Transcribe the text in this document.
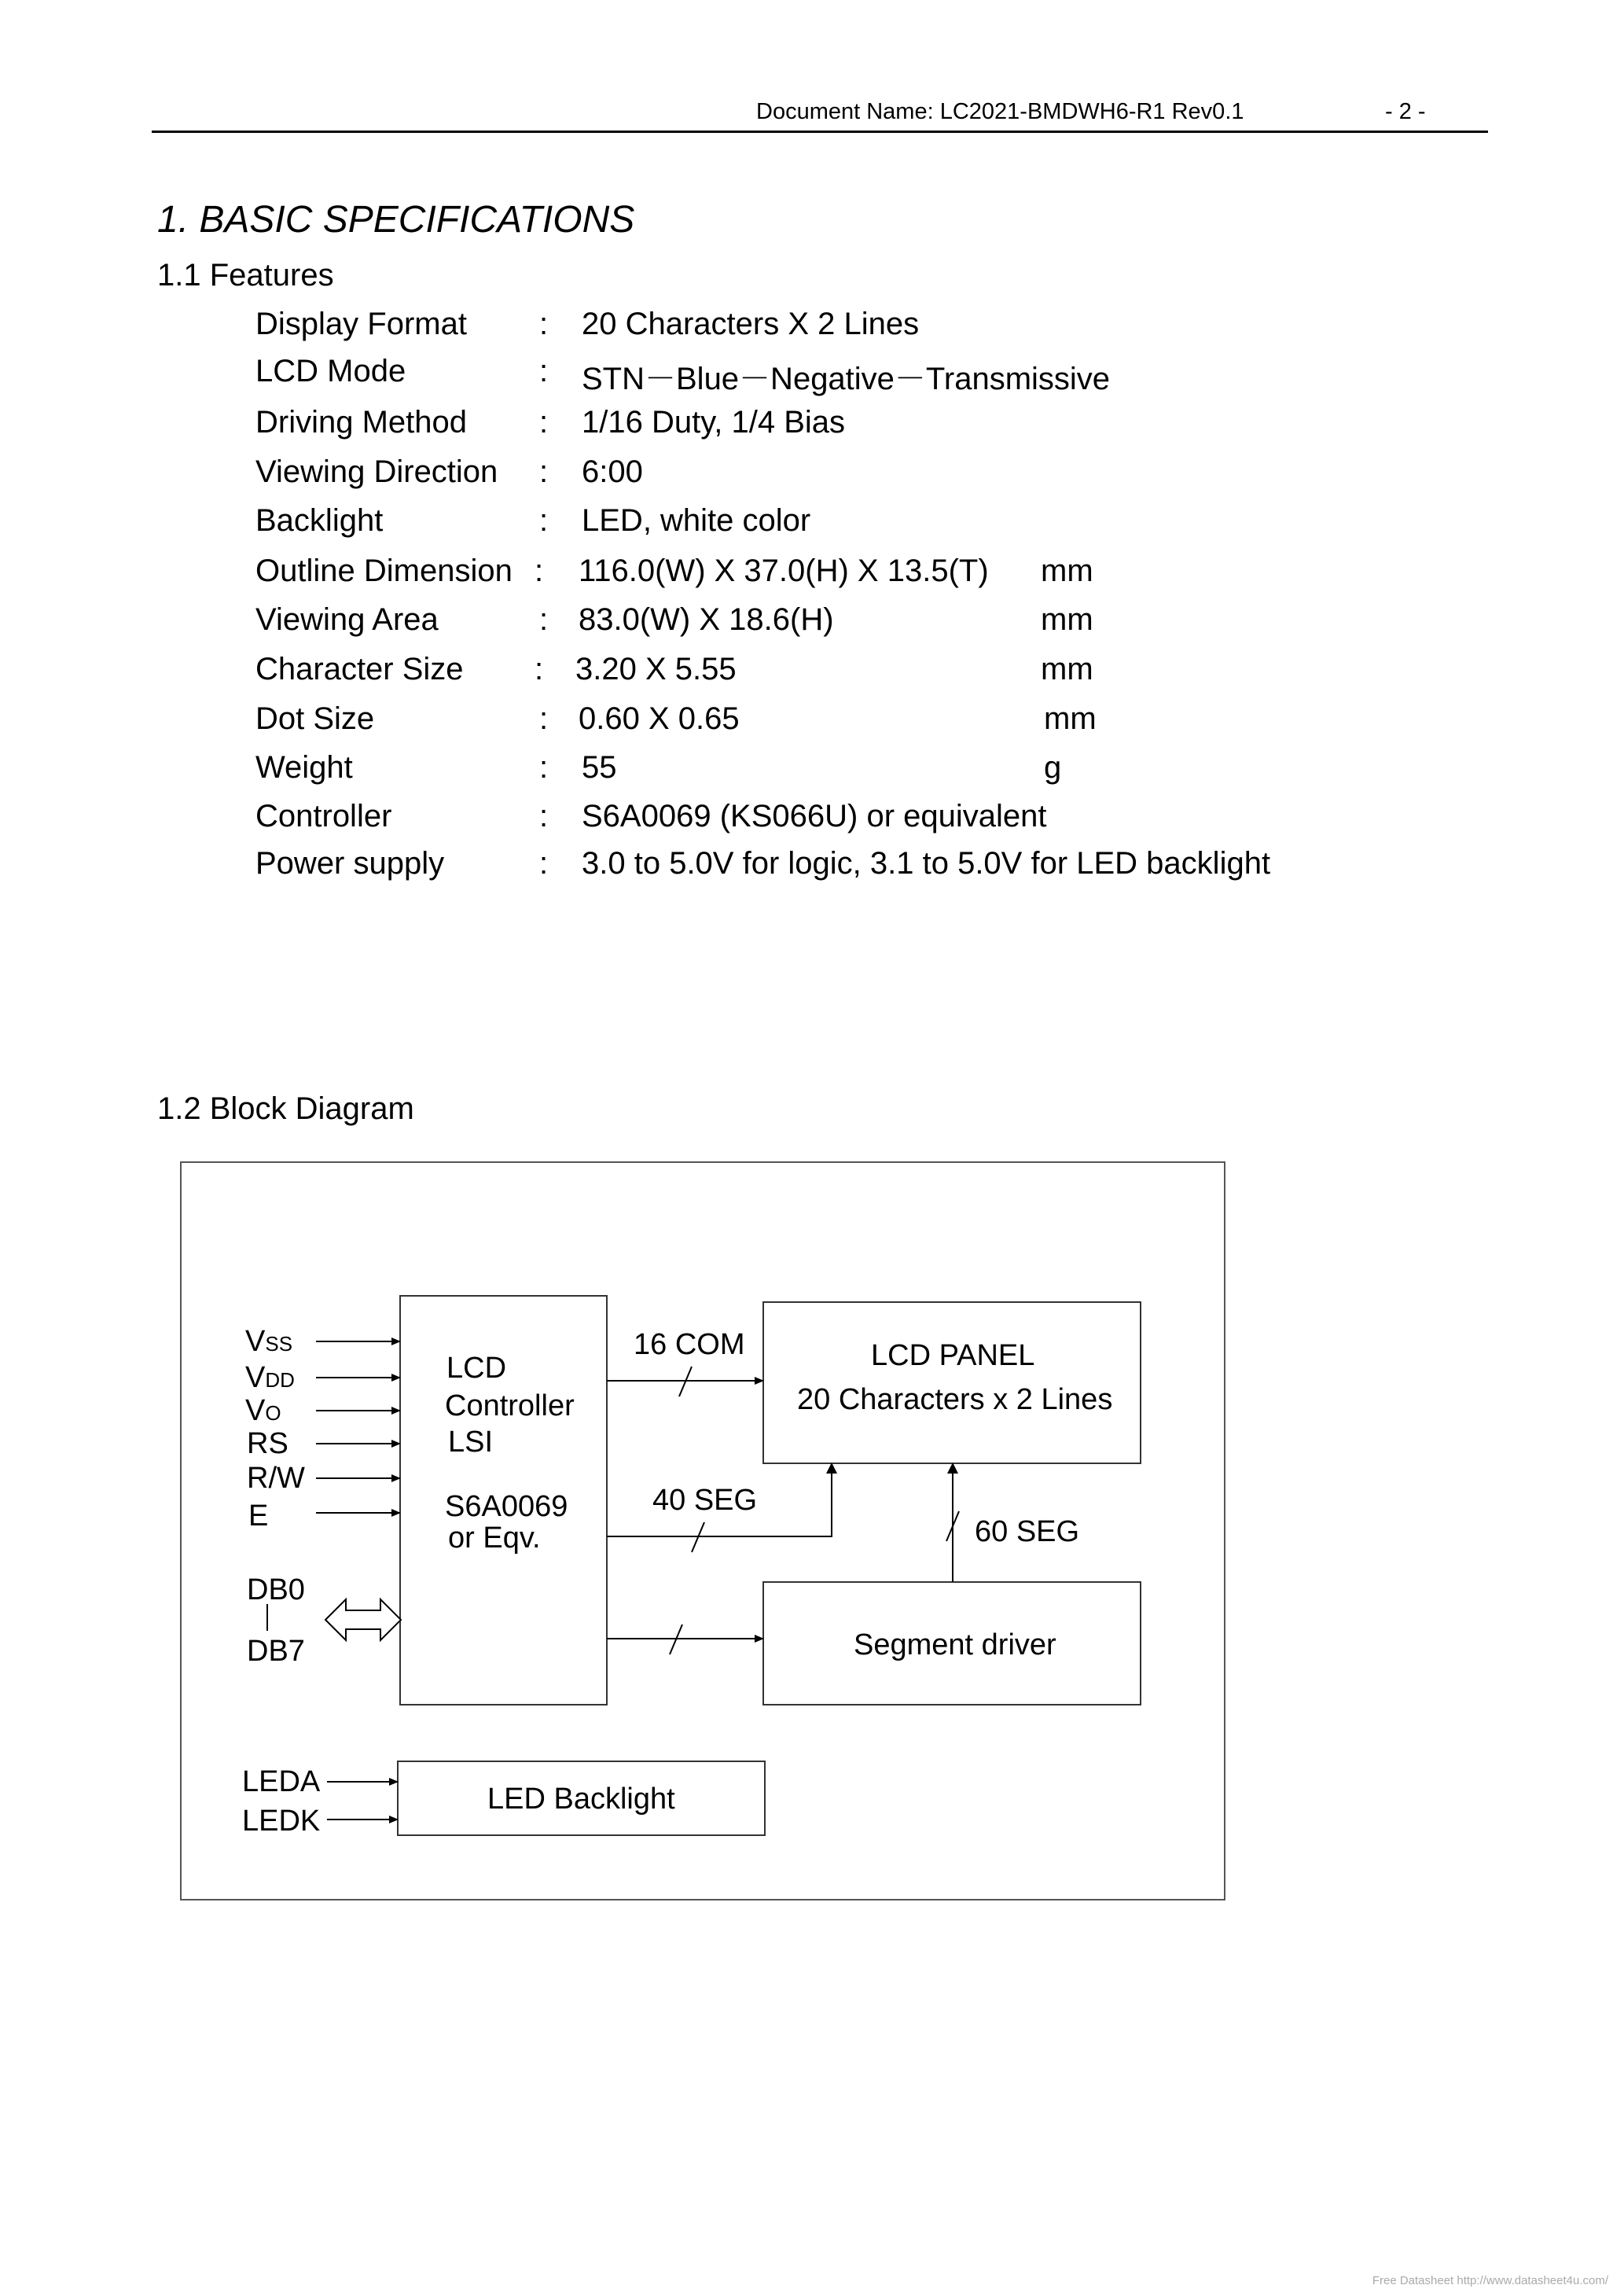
Document Name: LC2021-BMDWH6-R1 Rev0.1	- 2 -
1. BASIC SPECIFICATIONS
1.1 Features
Display Format : 20 Characters X 2 Lines
LCD Mode	: STN－Blue－Negative－Transmissive
Driving Method : 1/16 Duty, 1/4 Bias
Viewing Direction : 6:00
Backlight	: LED, white color
Outline Dimension : 116.0(W) X 37.0(H) X 13.5(T) mm
Viewing Area	: 83.0(W) X 18.6(H)	mm
Character Size : 3.20 X 5.55	mm
Dot Size	: 0.60 X 0.65	mm
Weight	: 55	g
Controller	: S6A0069 (KS066U) or equivalent
Power supply	: 3.0 to 5.0V for logic, 3.1 to 5.0V for LED backlight
1.2 Block Diagram
VSS
VDD
VO
RS
R/W
E
DB0
DB7
LEDA
LEDK
LCD
Controller
LSI
S6A0069
or Eqv.
LCD PANEL
20 Characters x 2 Lines
16 COM
40 SEG
60 SEG
Segment driver
LED Backlight
Free Datasheet http://www.datasheet4u.com/
